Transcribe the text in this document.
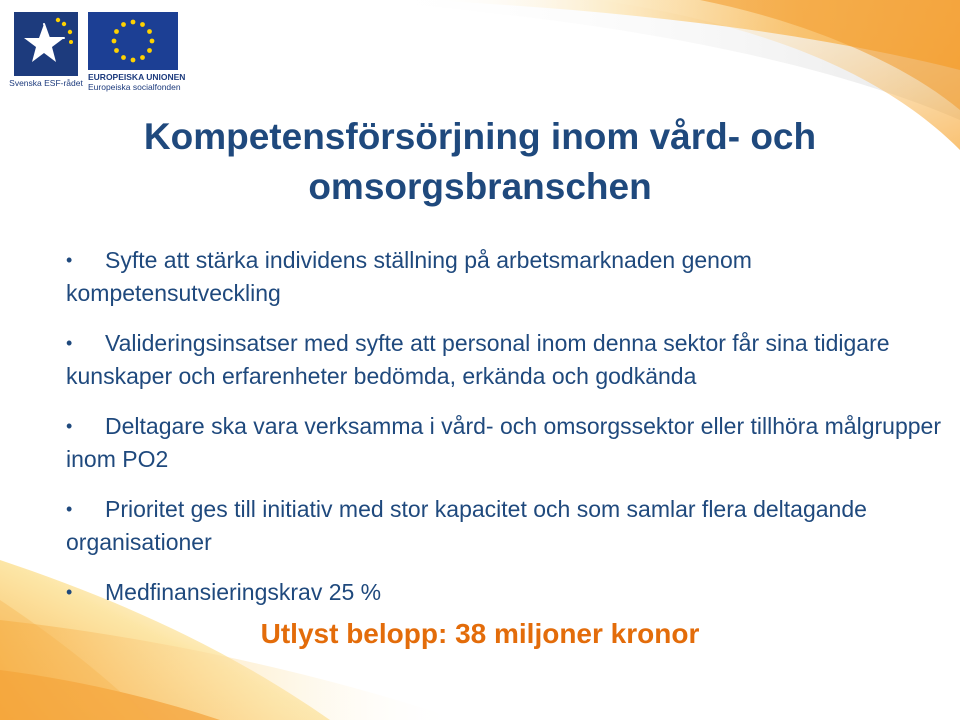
Svenska ESF-rådet
EUROPEISKA UNIONEN
Europeiska socialfonden
Kompetensförsörjning inom vård- och
omsorgsbranschen
• Syfte att stärka individens ställning på arbetsmarknaden genom kompetensutveckling
• Valideringsinsatser med syfte att personal inom denna sektor får sina tidigare kunskaper och erfarenheter bedömda, erkända och godkända
• Deltagare ska vara verksamma i vård- och omsorgssektor eller tillhöra målgrupper inom PO2
• Prioritet ges till initiativ med stor kapacitet och som samlar flera deltagande organisationer
• Medfinansieringskrav 25 %
Utlyst belopp: 38 miljoner kronor
